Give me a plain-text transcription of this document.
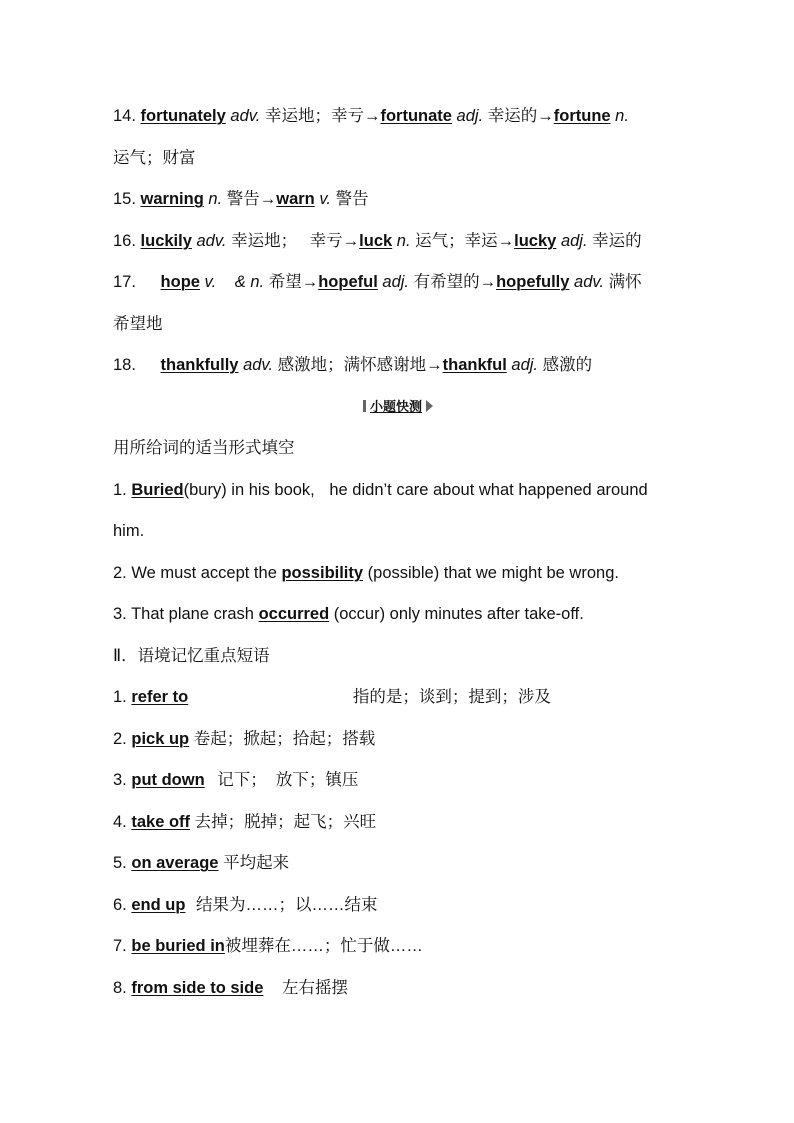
14. fortunately adv. 幸运地；幸亏→fortunate adj. 幸运的→fortune n.
运气；财富
15. warning n. 警告→warn v. 警告
16. luckily adv. 幸运地； 幸亏→luck n. 运气；幸运→lucky adj. 幸运的
17. hope v. & n. 希望→hopeful adj. 有希望的→hopefully adv. 满怀
希望地
18. thankfully adv. 感激地；满怀感谢地→thankful adj. 感激的
小题快测
用所给词的适当形式填空
1. Buried(bury) in his book, he didn’t care about what happened around
him.
2. We must accept the possibility (possible) that we might be wrong.
3. That plane crash occurred (occur) only minutes after take-off.
Ⅱ．语境记忆重点短语
1. refer to	指的是；谈到；提到；涉及
2. pick up 卷起；掀起；拾起；搭载
3. put down 记下；  放下；镇压
4. take off 去掉；脱掉；起飞；兴旺
5. on average 平均起来
6. end up 结果为……；以……结束
7. be buried in被埋葬在……；忙于做……
8. from side to side 左右摇摆
